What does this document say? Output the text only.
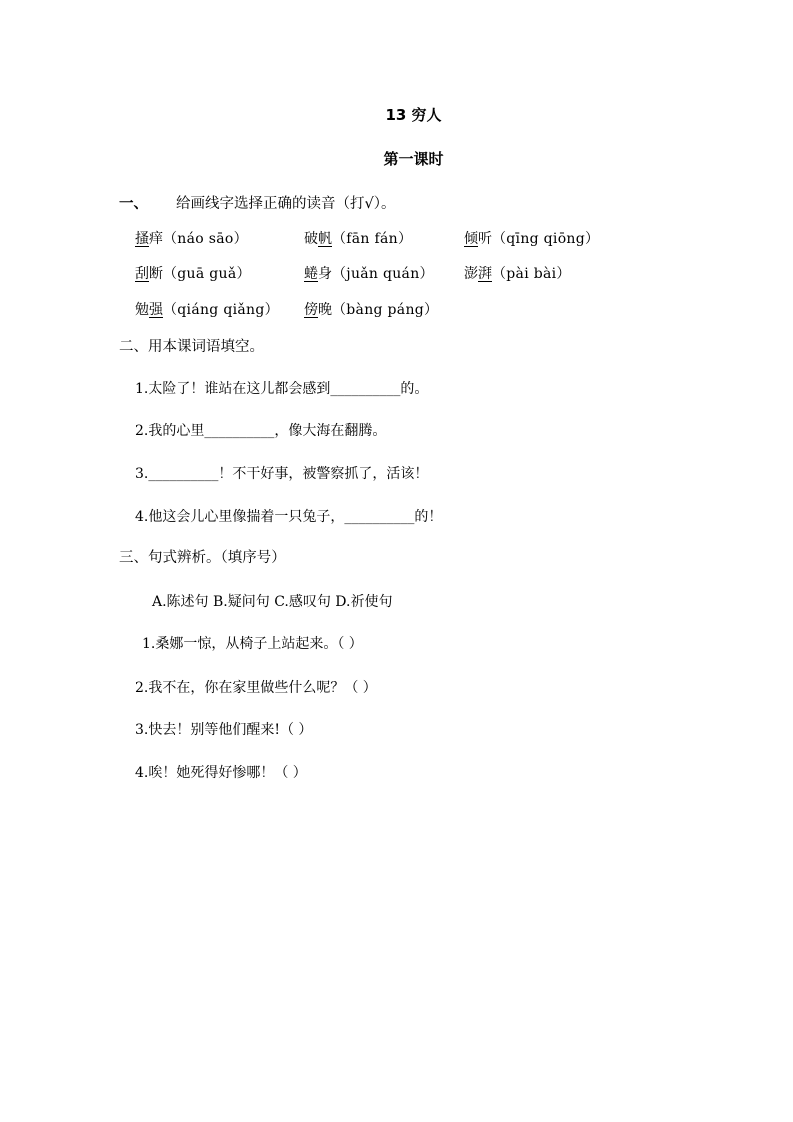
13 穷人
第一课时
一、 给画线字选择正确的读音（打√）。
搔痒（náo sāo）	破帆（fān fán）	倾听（qīng qiōng）
刮断（guā guǎ）	蜷身（juǎn quán） 澎湃（pài bài）
勉强（qiáng qiǎng） 傍晚（bàng páng）
二、用本课词语填空。
1.太险了！谁站在这儿都会感到__________的。
2.我的心里__________，像大海在翻腾。
3.__________！不干好事，被警察抓了，活该！
4.他这会儿心里像揣着一只兔子，__________的！
三、句式辨析。（填序号）
A.陈述句 B.疑问句 C.感叹句 D.祈使句
1.桑娜一惊，从椅子上站起来。（ ）
2.我不在，你在家里做些什么呢？（ ）
3.快去！别等他们醒来!（ ）
4.唉！她死得好惨哪！（ ）
